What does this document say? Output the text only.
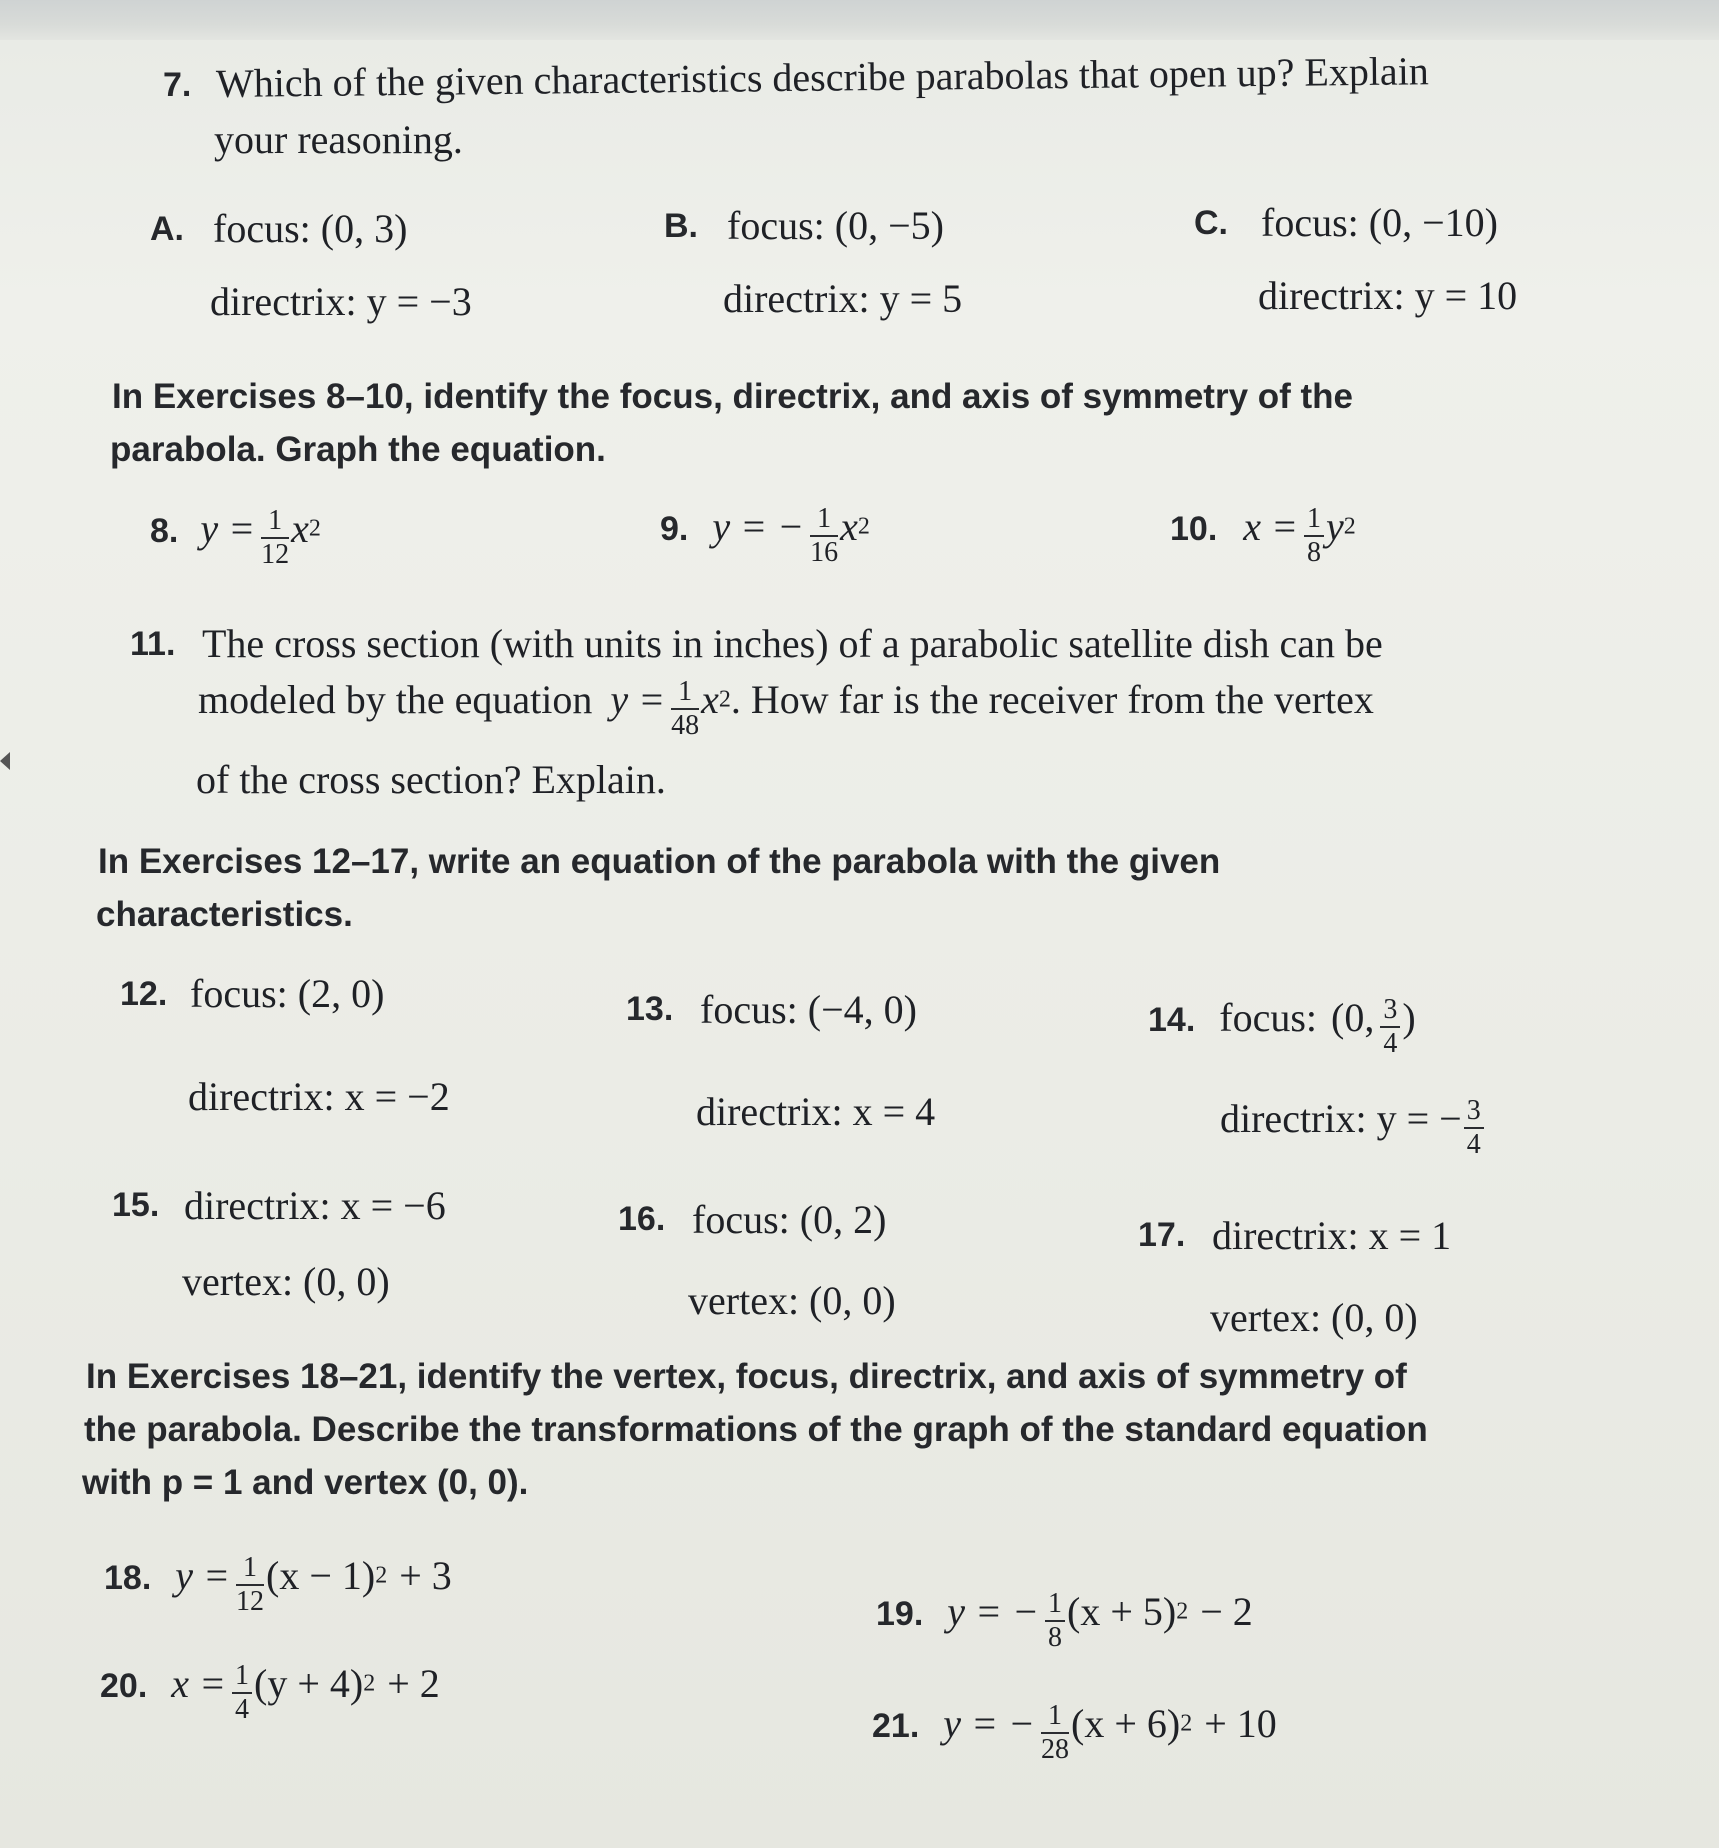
7. Which of the given characteristics describe parabolas that open up? Explain
your reasoning.
A. focus: (0, 3)
directrix: y = −3
B. focus: (0, −5)
directrix: y = 5
C. focus: (0, −10)
directrix: y = 10
In Exercises 8–10, identify the focus, directrix, and axis of symmetry of the
parabola. Graph the equation.
8. $y = \frac{1}{12} x^2$	9. y = − $\frac{1}{16} x^2$	10. $x = \frac{1}{8} y^2$
11. The cross section (with units in inches) of a parabolic satellite dish can be
modeled by the equation $y = \frac{1}{48} x^2$. How far is the receiver from the vertex
of the cross section? Explain.
In Exercises 12–17, write an equation of the parabola with the given
characteristics.
12. focus: (2, 0)
directrix: x = −2
13. focus: (−4, 0)
directrix: x = 4
14. focus: (0, $\frac{3}{4}$ )
directrix: y = − $\frac{3}{4}$
15. directrix: x = −6
vertex: (0, 0)
16. focus: (0, 2)
vertex: (0, 0)
17. directrix: x = 1
vertex: (0, 0)
In Exercises 18–21, identify the vertex, focus, directrix, and axis of symmetry of
the parabola. Describe the transformations of the graph of the standard equation
with p = 1 and vertex (0, 0).
18. $y = \frac{1}{12} (x - 1)^2 + 3$
19. y = − $\frac{1}{8} (x + 5)^2 - 2$
20. $x = \frac{1}{4} (y + 4)^2 + 2$
21. y = − $\frac{1}{28} (x + 6)^2 + 10$
